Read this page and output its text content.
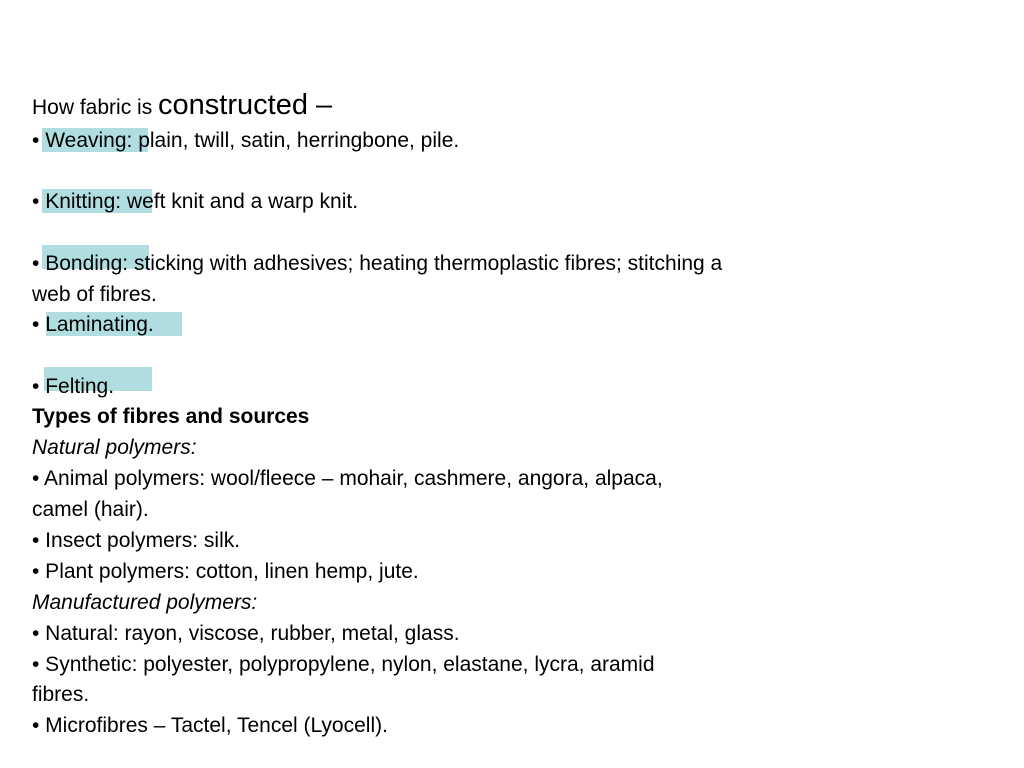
How fabric is constructed –
• Weaving: plain, twill, satin, herringbone, pile.
• Knitting: weft knit and a warp knit.
• Bonding: sticking with adhesives; heating thermoplastic fibres; stitching a
web of fibres.
• Laminating.
• Felting.
Types of fibres and sources
Natural polymers:
• Animal polymers: wool/fleece – mohair, cashmere, angora, alpaca,
camel (hair).
• Insect polymers: silk.
• Plant polymers: cotton, linen hemp, jute.
Manufactured polymers:
• Natural: rayon, viscose, rubber, metal, glass.
• Synthetic: polyester, polypropylene, nylon, elastane, lycra, aramid
fibres.
• Microfibres – Tactel, Tencel (Lyocell).
